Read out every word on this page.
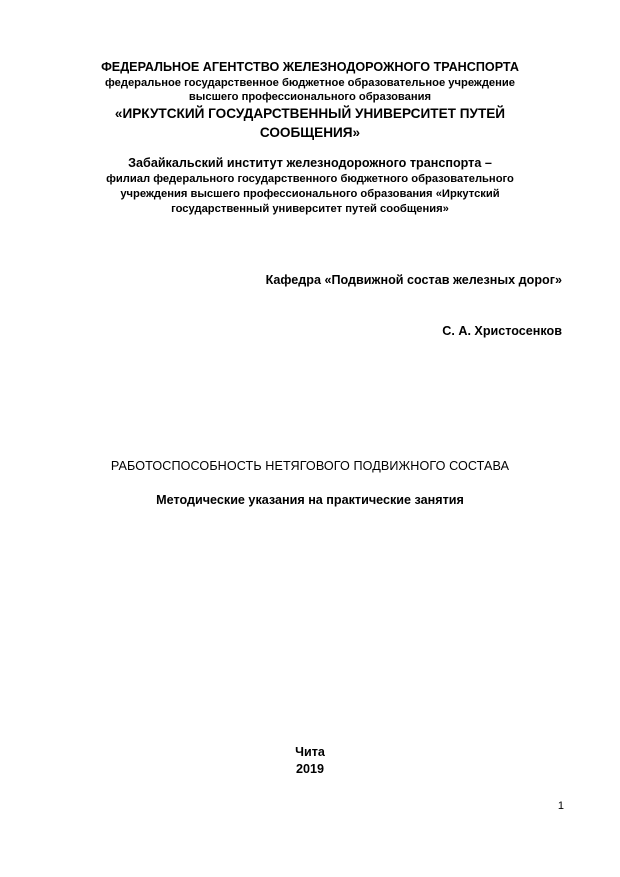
ФЕДЕРАЛЬНОЕ АГЕНТСТВО ЖЕЛЕЗНОДОРОЖНОГО ТРАНСПОРТА
федеральное государственное бюджетное образовательное учреждение
высшего профессионального образования
«ИРКУТСКИЙ ГОСУДАРСТВЕННЫЙ УНИВЕРСИТЕТ ПУТЕЙ
СООБЩЕНИЯ»
Забайкальский институт железнодорожного транспорта –
филиал федерального государственного бюджетного образовательного
учреждения высшего профессионального образования «Иркутский
государственный университет путей сообщения»
Кафедра «Подвижной состав железных дорог»
С. А. Христосенков
РАБОТОСПОСОБНОСТЬ НЕТЯГОВОГО ПОДВИЖНОГО СОСТАВА
Методические указания на практические занятия
Чита
2019
1
